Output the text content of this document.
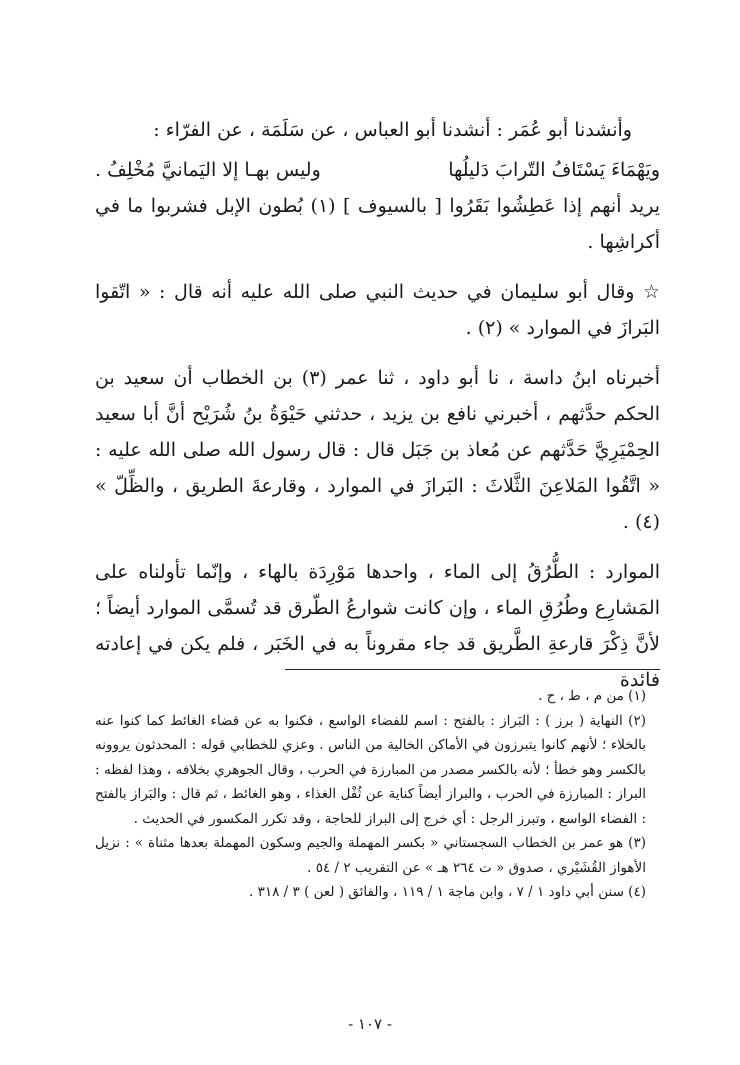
وأنشدنا أبو عُمَر : أنشدنا أبو العباس ، عن سَلَمَة ، عن الفرّاء :

ويَهْمَاءَ يَسْتَافُ التّرابَ دَليلُها
وليس بهـا إلا اليَمانيَّ مُخْلِفُ .

يريد أنهم إذا عَطِشُوا بَقَرُوا [ بالسيوف ] (١) بُطون الإبل فشربوا ما في أكراشِها .

☆ وقال أبو سليمان في حديث النبي صلى الله عليه أنه قال : « اتّقوا البَرازَ في الموارد » (٢) .

أخبرناه ابنُ داسة ، نا أبو داود ، ثنا عمر (٣) بن الخطاب أن سعيد بن الحكم حدَّثهم ، أخبرني نافع بن يزيد ، حدثني حَيْوَةُ بنُ شُرَيْح أنَّ أبا سعيد الحِمْيَرِيَّ حَدَّثهم عن مُعاذ بن جَبَل قال : قال رسول الله صلى الله عليه : « اتَّقُوا المَلاعِنَ الثَّلاثَ : البَرازَ في الموارد ، وقارعةَ الطريق ، والظِّلّ » (٤) .

الموارد : الطُّرُقُ إلى الماء ، واحدها مَوْرِدَة بالهاء ، وإنّما تأولناه على المَشارِع وطُرُقِ الماء ، وإن كانت شوارعُ الطّرق قد تُسمَّى الموارد أيضاً ؛ لأنَّ ذِكْرَ قارعةِ الطَّريق قد جاء مقروناً به في الخَبَر ، فلم يكن في إعادته فائدة

(١) من م ، ط ، ح .

(٢) النهاية ( برز ) : البَراز : بالفتح : اسم للفضاء الواسع ، فكنوا به عن قضاء الغائط كما كنوا عنه بالخلاء ؛ لأنهم كانوا يتبرزون في الأماكن الخالية من الناس . وعزي للخطابي قوله : المحدثون يروونه بالكسر وهو خطأ ؛ لأنه بالكسر مصدر من المبارزة في الحرب ، وقال الجوهري بخلافه ، وهذا لفظه : البراز : المبارزة في الحرب ، والبراز أيضاً كناية عن ثُفْل الغذاء ، وهو الغائط ، ثم قال : والبَراز بالفتح : الفضاء الواسع ، وتبرز الرجل : أي خرج إلى البراز للحاجة ، وقد تكرر المكسور في الحديث .

(٣) هو عمر بن الخطاب السجستاني « بكسر المهملة والجيم وسكون المهملة بعدها مثناة » : نزيل الأهواز القُشَيْري ، صدوق « ت ٢٦٤ هـ » عن التقريب ٢ / ٥٤ .

(٤) سنن أبي داود ١ / ٧ ، وابن ماجة ١ / ١١٩ ، والفائق ( لعن ) ٣ / ٣١٨ .

- ١٠٧ -
